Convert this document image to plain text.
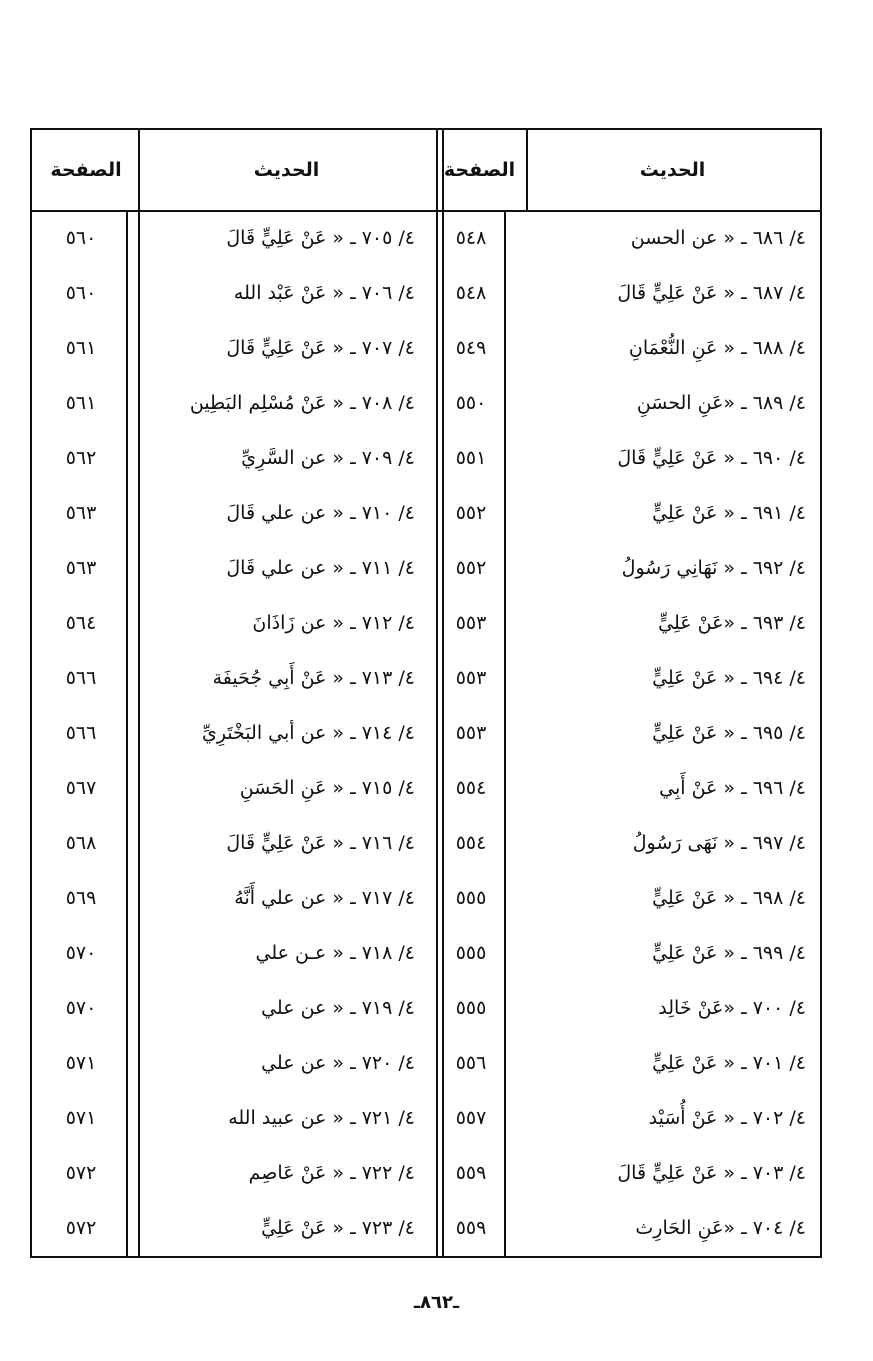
الحديث
الصفحة
الحديث
الصفحة
٤/ ٦٨٦ ـ « عن الحسن
٥٤٨
٤/ ٧٠٥ ـ « عَنْ عَلِيٍّ قَالَ
٥٦٠
٤/ ٦٨٧ ـ « عَنْ عَلِيٍّ قَالَ
٥٤٨
٤/ ٧٠٦ ـ « عَنْ عَبْد الله
٥٦٠
٤/ ٦٨٨ ـ « عَنِ النُّعْمَانِ
٥٤٩
٤/ ٧٠٧ ـ « عَنْ عَلِيٍّ قَالَ
٥٦١
٤/ ٦٨٩ ـ «عَنِ الحسَنِ
٥٥٠
٤/ ٧٠٨ ـ « عَنْ مُسْلِم البَطِين
٥٦١
٤/ ٦٩٠ ـ « عَنْ عَلِيٍّ قَالَ
٥٥١
٤/ ٧٠٩ ـ « عن السَّرِيِّ
٥٦٢
٤/ ٦٩١ ـ « عَنْ عَلِيٍّ
٥٥٢
٤/ ٧١٠ ـ « عن علي قَالَ
٥٦٣
٤/ ٦٩٢ ـ « نَهَانِي رَسُولُ
٥٥٢
٤/ ٧١١ ـ « عن علي قَالَ
٥٦٣
٤/ ٦٩٣ ـ «عَنْ عَلِيٍّ
٥٥٣
٤/ ٧١٢ ـ « عن زَاذَانَ
٥٦٤
٤/ ٦٩٤ ـ « عَنْ عَلِيٍّ
٥٥٣
٤/ ٧١٣ ـ « عَنْ أَبِي جُحَيفَة
٥٦٦
٤/ ٦٩٥ ـ « عَنْ عَلِيٍّ
٥٥٣
٤/ ٧١٤ ـ « عن أبي البَخْتَرِيِّ
٥٦٦
٤/ ٦٩٦ ـ « عَنْ أَبِي
٥٥٤
٤/ ٧١٥ ـ « عَنِ الحَسَنِ
٥٦٧
٤/ ٦٩٧ ـ « نَهَى رَسُولُ
٥٥٤
٤/ ٧١٦ ـ « عَنْ عَلِيٍّ قَالَ
٥٦٨
٤/ ٦٩٨ ـ « عَنْ عَلِيٍّ
٥٥٥
٤/ ٧١٧ ـ « عن علي أَنَّهُ
٥٦٩
٤/ ٦٩٩ ـ « عَنْ عَلِيٍّ
٥٥٥
٤/ ٧١٨ ـ « عـن علي
٥٧٠
٤/ ٧٠٠ ـ «عَنْ خَالِد
٥٥٥
٤/ ٧١٩ ـ « عن علي
٥٧٠
٤/ ٧٠١ ـ « عَنْ عَلِيٍّ
٥٥٦
٤/ ٧٢٠ ـ « عن علي
٥٧١
٤/ ٧٠٢ ـ « عَنْ أُسَيْد
٥٥٧
٤/ ٧٢١ ـ « عن عبيد الله
٥٧١
٤/ ٧٠٣ ـ « عَنْ عَلِيٍّ قَالَ
٥٥٩
٤/ ٧٢٢ ـ « عَنْ عَاصِم
٥٧٢
٤/ ٧٠٤ ـ «عَنِ الحَارِث
٥٥٩
٤/ ٧٢٣ ـ « عَنْ عَلِيٍّ
٥٧٢
ـ٨٦٢ـ
